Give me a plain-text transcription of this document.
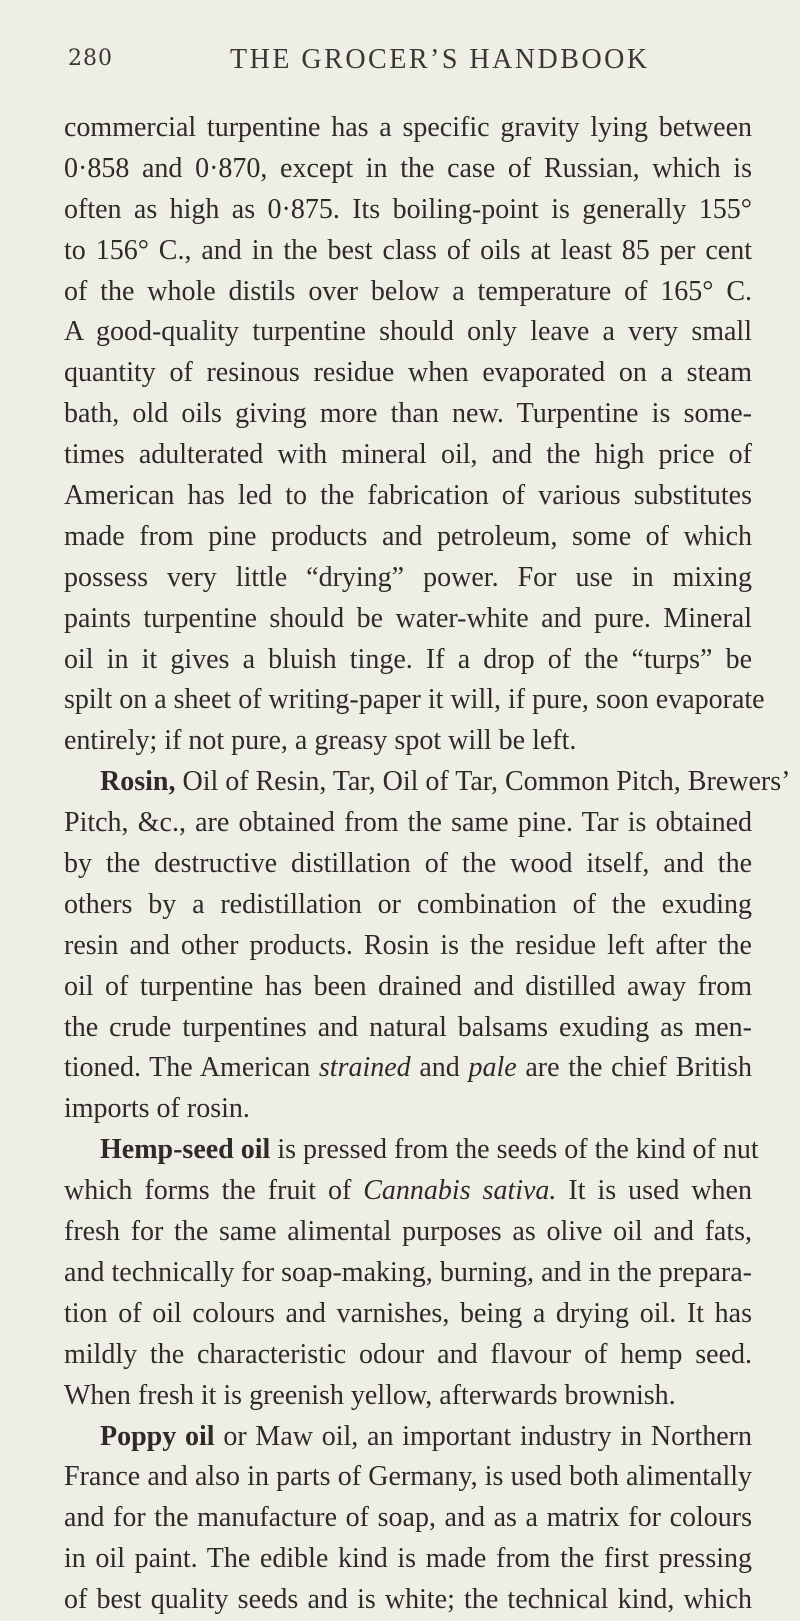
280	THE GROCER’S HANDBOOK
commercial turpentine has a specific gravity lying between
0·858 and 0·870, except in the case of Russian, which is
often as high as 0·875. Its boiling-point is generally 155°
to 156° C., and in the best class of oils at least 85 per cent
of the whole distils over below a temperature of 165° C.
A good-quality turpentine should only leave a very small
quantity of resinous residue when evaporated on a steam
bath, old oils giving more than new. Turpentine is some-
times adulterated with mineral oil, and the high price of
American has led to the fabrication of various substitutes
made from pine products and petroleum, some of which
possess very little “drying” power. For use in mixing
paints turpentine should be water-white and pure. Mineral
oil in it gives a bluish tinge. If a drop of the “turps” be
spilt on a sheet of writing-paper it will, if pure, soon evaporate
entirely; if not pure, a greasy spot will be left.
Rosin, Oil of Resin, Tar, Oil of Tar, Common Pitch, Brewers’
Pitch, &c., are obtained from the same pine. Tar is obtained
by the destructive distillation of the wood itself, and the
others by a redistillation or combination of the exuding
resin and other products. Rosin is the residue left after the
oil of turpentine has been drained and distilled away from
the crude turpentines and natural balsams exuding as men-
tioned. The American strained and pale are the chief British
imports of rosin.
Hemp-seed oil is pressed from the seeds of the kind of nut
which forms the fruit of Cannabis sativa. It is used when
fresh for the same alimental purposes as olive oil and fats,
and technically for soap-making, burning, and in the prepara-
tion of oil colours and varnishes, being a drying oil. It has
mildly the characteristic odour and flavour of hemp seed.
When fresh it is greenish yellow, afterwards brownish.
Poppy oil or Maw oil, an important industry in Northern
France and also in parts of Germany, is used both alimentally
and for the manufacture of soap, and as a matrix for colours
in oil paint. The edible kind is made from the first pressing
of best quality seeds and is white; the technical kind, which
